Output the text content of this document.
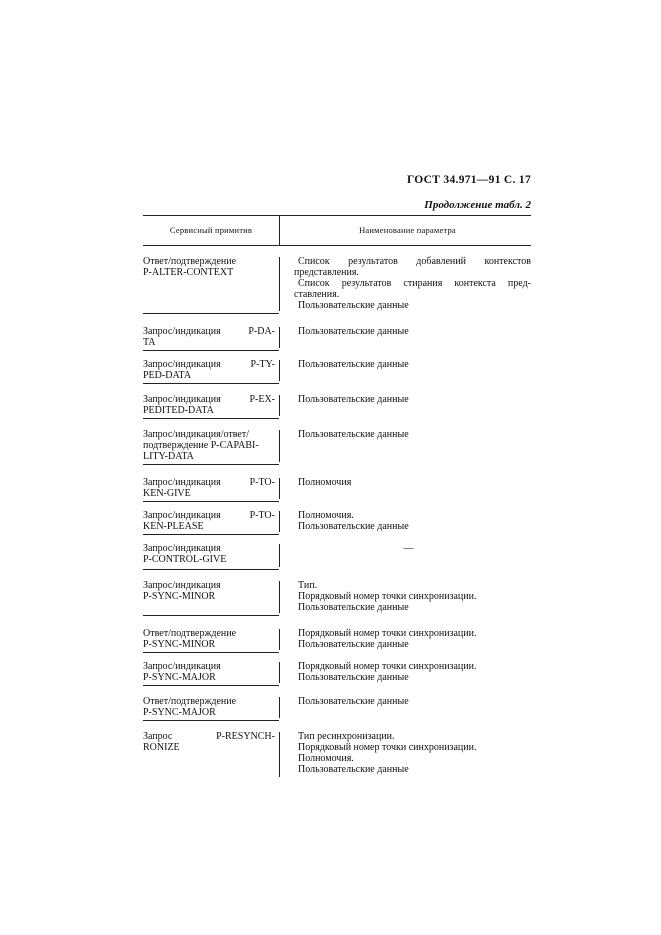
ГОСТ 34.971—91 С. 17
Продолжение табл. 2
Сервисный примитив	Наименование параметра
Ответ/подтверждение
P-ALTER-CONTEXT
Список результатов добавлений контекстов
представления.
Список результатов стирания контекста пред-
ставления.
Пользовательские данные
Запрос/индикация P-DA-
TA
Пользовательские данные
Запрос/индикация P-TY-
PED-DATA
Пользовательские данные
Запрос/индикация P-EX-
PEDITED-DATA
Пользовательские данные
Запрос/индикация/ответ/
подтверждение P-CAPABI-
LITY-DATA
Пользовательские данные
Запрос/индикация P-TO-
KEN-GIVE
Полномочия
Запрос/индикация P-TO-
KEN-PLEASE
Полномочия.
Пользовательские данные
Запрос/индикация
P-CONTROL-GIVE
—
Запрос/индикация
P-SYNC-MINOR
Тип.
Порядковый номер точки синхронизации.
Пользовательские данные
Ответ/подтверждение
P-SYNC-MINOR
Порядковый номер точки синхронизации.
Пользовательские данные
Запрос/индикация
P-SYNC-MAJOR
Порядковый номер точки синхронизации.
Пользовательские данные
Ответ/подтверждение
P-SYNC-MAJOR
Пользовательские данные
Запрос P-RESYNCH-
RONIZE
Тип ресинхронизации.
Порядковый номер точки синхронизации.
Полномочия.
Пользовательские данные
